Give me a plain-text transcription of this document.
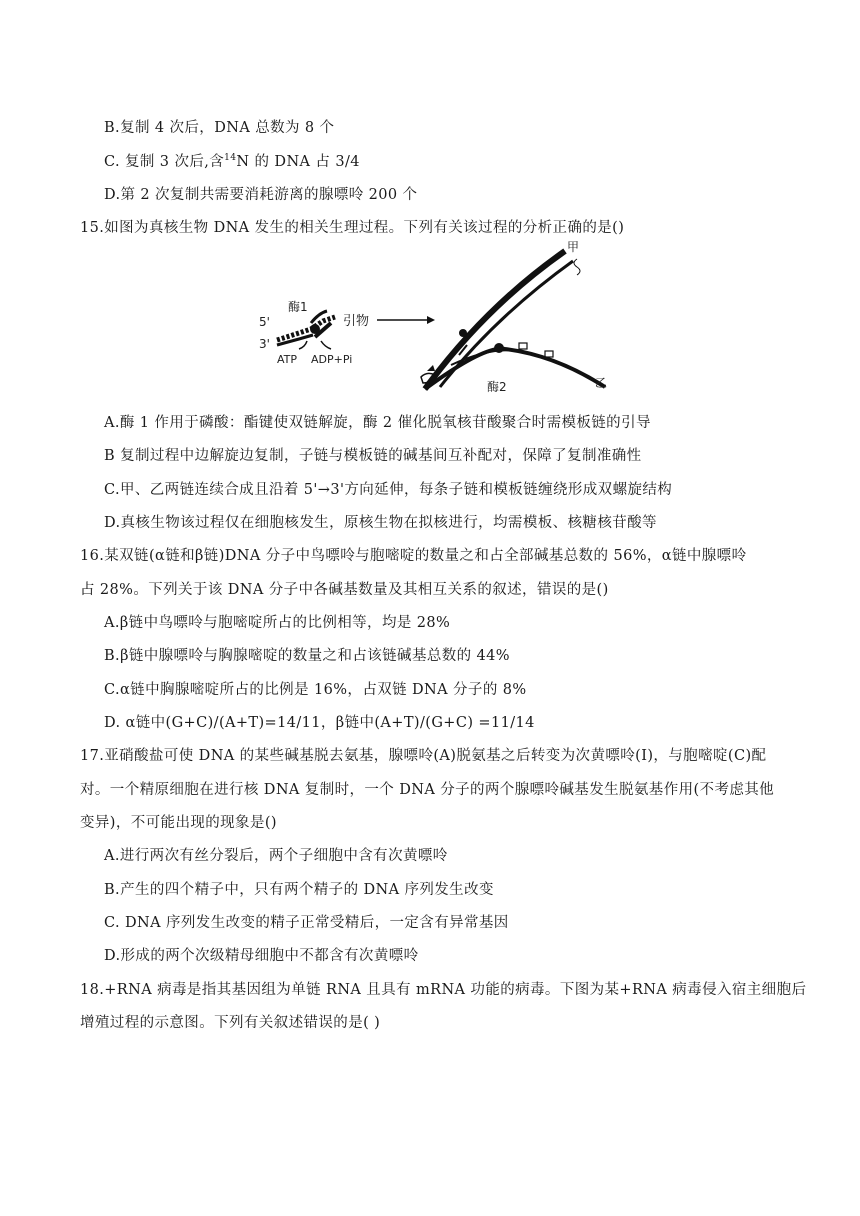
B.复制 4 次后，DNA 总数为 8 个
C. 复制 3 次后,含$^{14}$N 的 DNA 占 3/4
D.第 2 次复制共需要消耗游离的腺嘌呤 200 个
15.如图为真核生物 DNA 发生的相关生理过程。下列有关该过程的分析正确的是()
酶1
5'
3'
ATP ADP+Pi
引物
甲
酶2	乙
A.酶 1 作用于磷酸：酯键使双链解旋，酶 2 催化脱氧核苷酸聚合时需模板链的引导
B 复制过程中边解旋边复制，子链与模板链的碱基间互补配对，保障了复制准确性
C.甲、乙两链连续合成且沿着 5'→3'方向延伸，每条子链和模板链缠绕形成双螺旋结构
D.真核生物该过程仅在细胞核发生，原核生物在拟核进行，均需模板、核糖核苷酸等
16.某双链(α链和β链)DNA 分子中鸟嘌呤与胞嘧啶的数量之和占全部碱基总数的 56%，α链中腺嘌呤
占 28%。下列关于该 DNA 分子中各碱基数量及其相互关系的叙述，错误的是()
A.β链中鸟嘌呤与胞嘧啶所占的比例相等，均是 28%
B.β链中腺嘌呤与胸腺嘧啶的数量之和占该链碱基总数的 44%
C.α链中胸腺嘧啶所占的比例是 16%，占双链 DNA 分子的 8%
D. α链中(G+C)/(A+T)=14/11，β链中(A+T)/(G+C) =11/14
17.亚硝酸盐可使 DNA 的某些碱基脱去氨基，腺嘌呤(A)脱氨基之后转变为次黄嘌呤(I)，与胞嘧啶(C)配
对。一个精原细胞在进行核 DNA 复制时，一个 DNA 分子的两个腺嘌呤碱基发生脱氨基作用(不考虑其他
变异)，不可能出现的现象是()
A.进行两次有丝分裂后，两个子细胞中含有次黄嘌呤
B.产生的四个精子中，只有两个精子的 DNA 序列发生改变
C. DNA 序列发生改变的精子正常受精后，一定含有异常基因
D.形成的两个次级精母细胞中不都含有次黄嘌呤
18.+RNA 病毒是指其基因组为单链 RNA 且具有 mRNA 功能的病毒。下图为某+RNA 病毒侵入宿主细胞后
增殖过程的示意图。下列有关叙述错误的是( )
